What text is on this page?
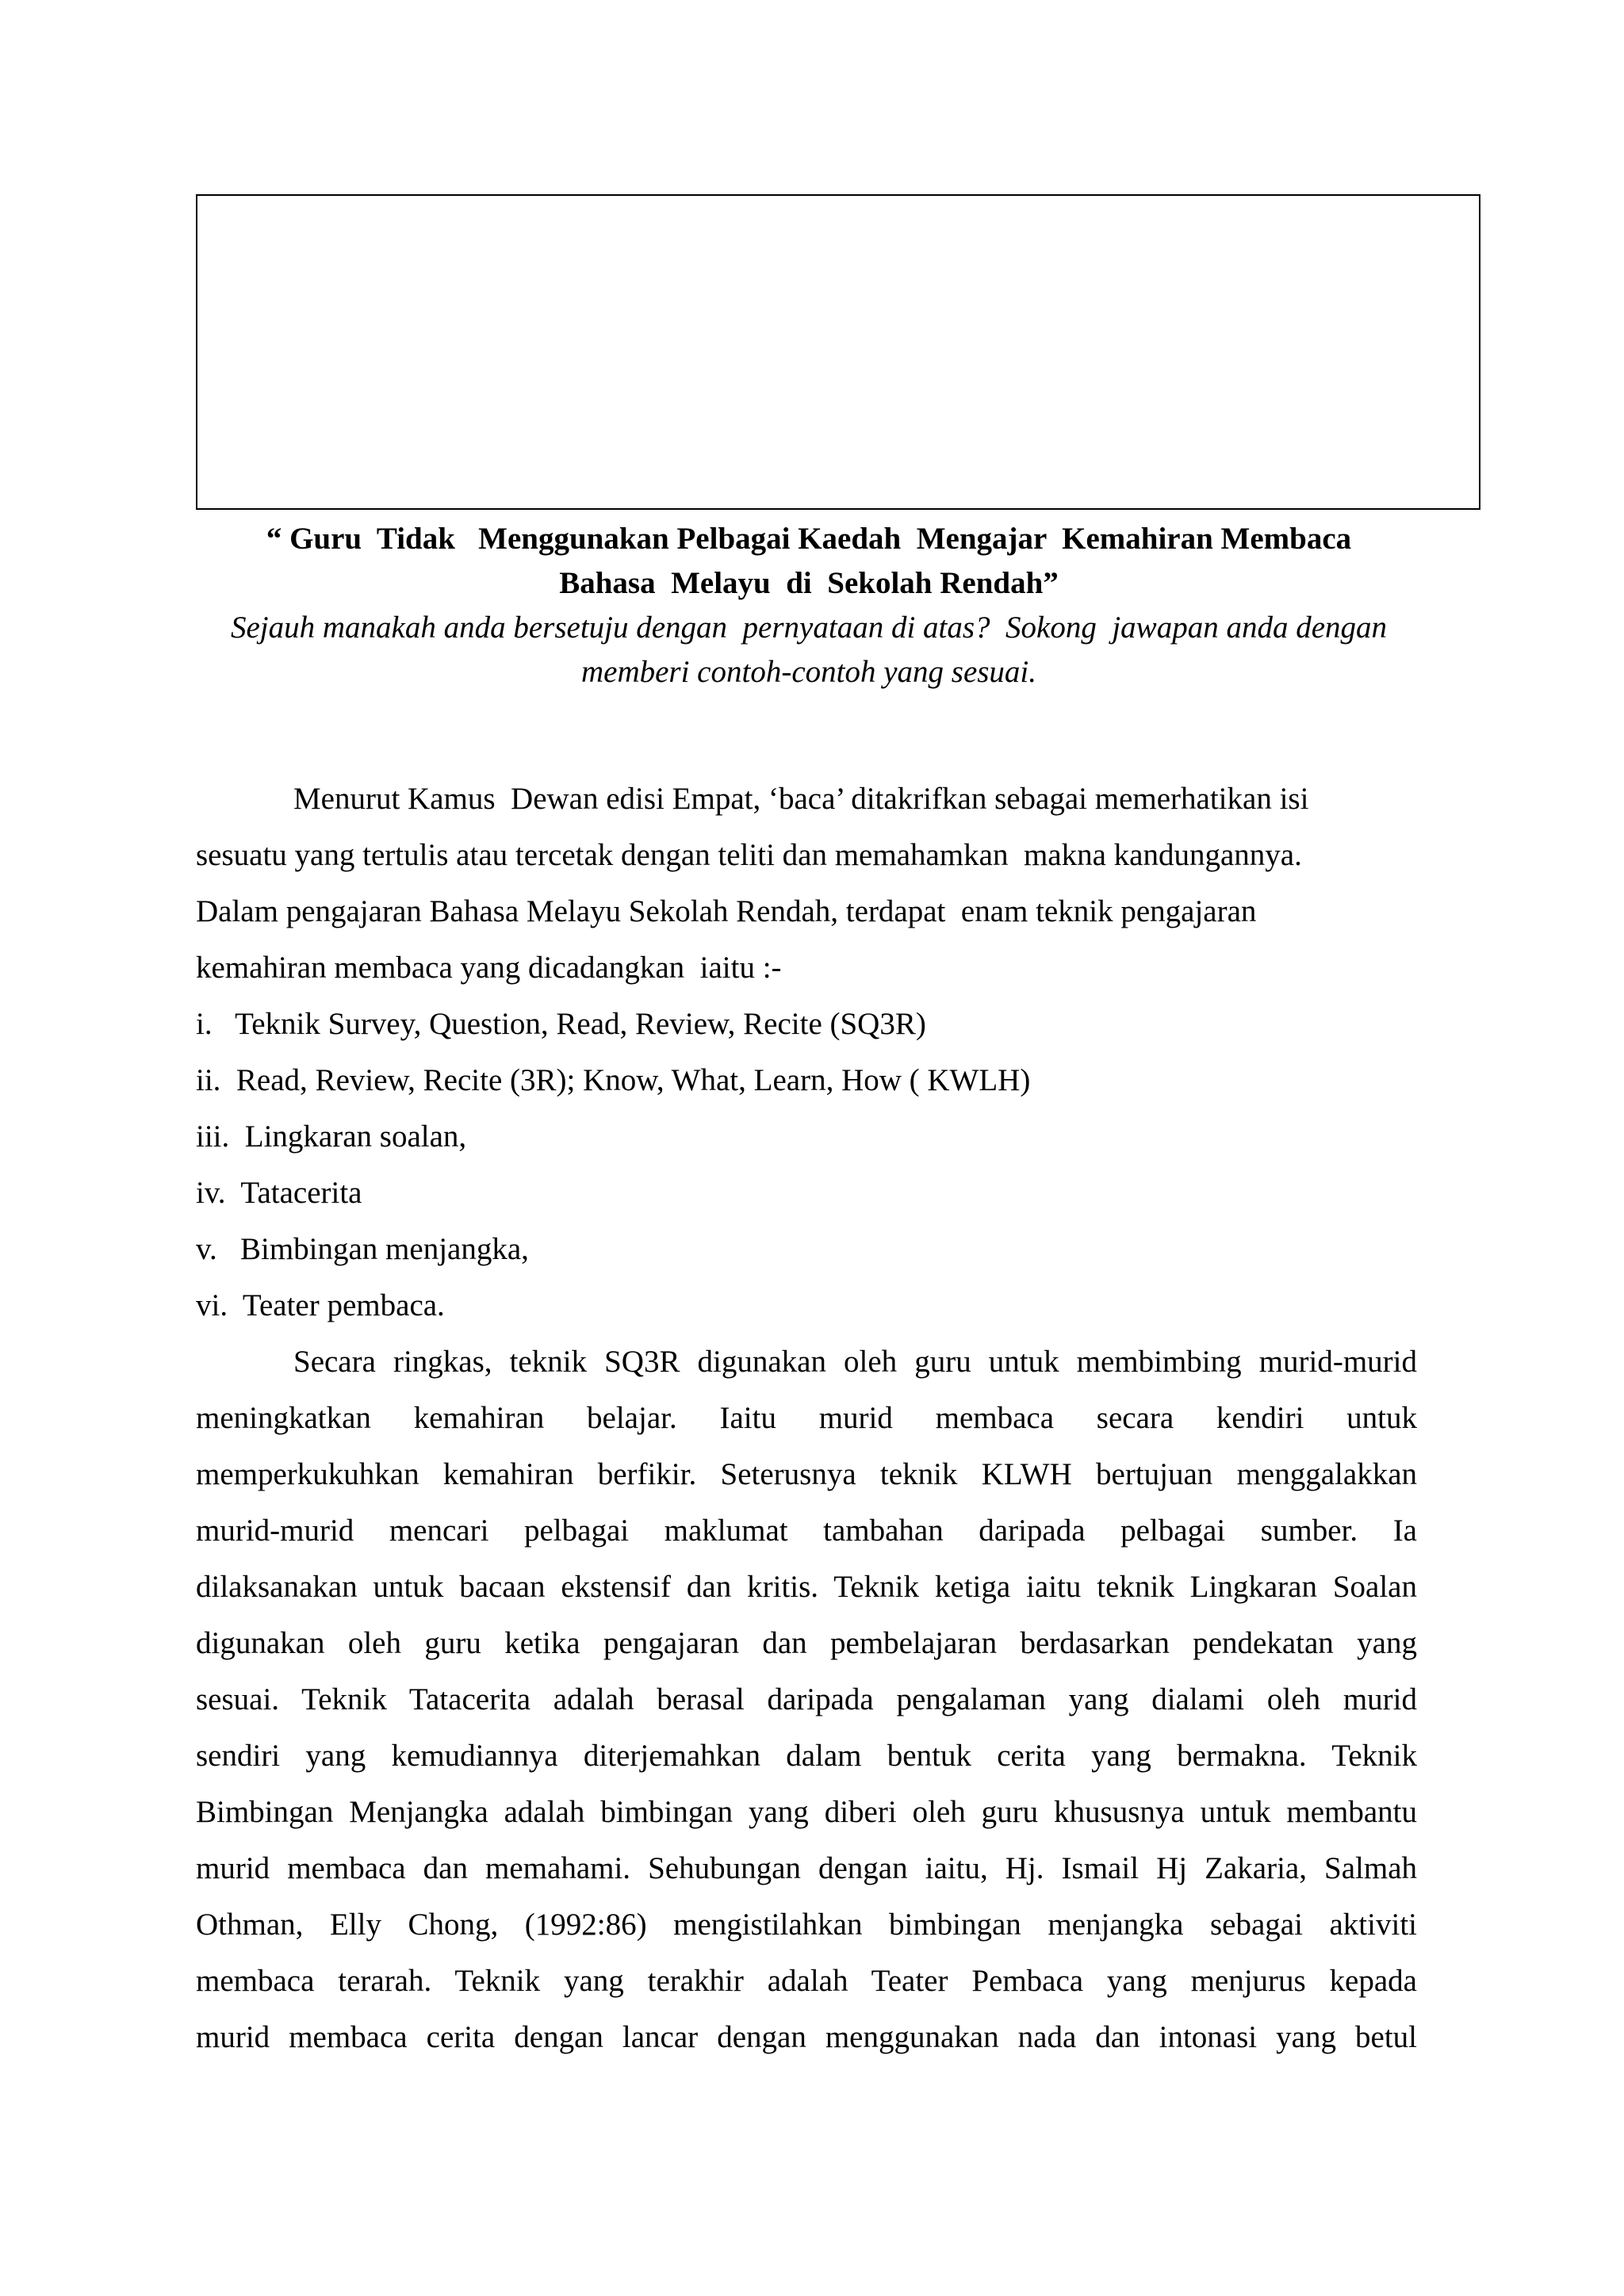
“ Guru  Tidak   Menggunakan Pelbagai Kaedah  Mengajar  Kemahiran Membaca
Bahasa  Melayu  di  Sekolah Rendah”
Sejauh manakah anda bersetuju dengan  pernyataan di atas?  Sokong  jawapan anda dengan
memberi contoh-contoh yang sesuai.
Menurut Kamus  Dewan edisi Empat, ‘baca’ ditakrifkan sebagai memerhatikan isi
sesuatu yang tertulis atau tercetak dengan teliti dan memahamkan  makna kandungannya.
Dalam pengajaran Bahasa Melayu Sekolah Rendah, terdapat  enam teknik pengajaran
kemahiran membaca yang dicadangkan  iaitu :-
i.   Teknik Survey, Question, Read, Review, Recite (SQ3R)
ii.  Read, Review, Recite (3R); Know, What, Learn, How ( KWLH)
iii.  Lingkaran soalan,
iv.  Tatacerita
v.   Bimbingan menjangka,
vi.  Teater pembaca.
Secara ringkas, teknik SQ3R digunakan oleh guru untuk membimbing murid-murid
meningkatkan kemahiran belajar. Iaitu murid membaca secara kendiri untuk
memperkukuhkan kemahiran berfikir. Seterusnya teknik KLWH bertujuan menggalakkan
murid-murid mencari pelbagai maklumat tambahan daripada pelbagai sumber. Ia
dilaksanakan untuk bacaan ekstensif dan kritis. Teknik ketiga iaitu teknik Lingkaran Soalan
digunakan oleh guru ketika pengajaran dan pembelajaran berdasarkan pendekatan yang
sesuai. Teknik Tatacerita adalah berasal daripada pengalaman yang dialami oleh murid
sendiri yang kemudiannya diterjemahkan dalam bentuk cerita yang bermakna. Teknik
Bimbingan Menjangka adalah bimbingan yang diberi oleh guru khususnya untuk membantu
murid membaca dan memahami. Sehubungan dengan iaitu, Hj. Ismail Hj Zakaria, Salmah
Othman, Elly Chong, (1992:86) mengistilahkan bimbingan menjangka sebagai aktiviti
membaca terarah. Teknik yang terakhir adalah Teater Pembaca yang menjurus kepada
murid membaca cerita dengan lancar dengan menggunakan nada dan intonasi yang betul
